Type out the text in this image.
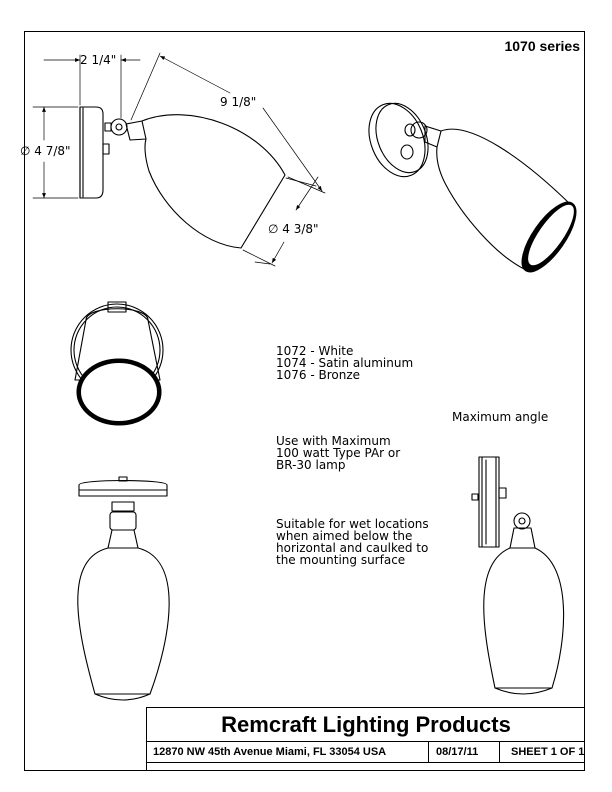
1070 series
2 1/4"
9 1/8"
∅ 4 7/8"
∅ 4 3/8"
1072 - White
1074 - Satin aluminum
1076 - Bronze
Maximum angle
Use with Maximum
100 watt Type PAr or
BR-30 lamp
Suitable for wet locations
when aimed below the
horizontal and caulked to
the mounting surface
Remcraft Lighting Products
12870 NW 45th Avenue Miami, FL 33054 USA	08/17/11	SHEET 1 OF 1
